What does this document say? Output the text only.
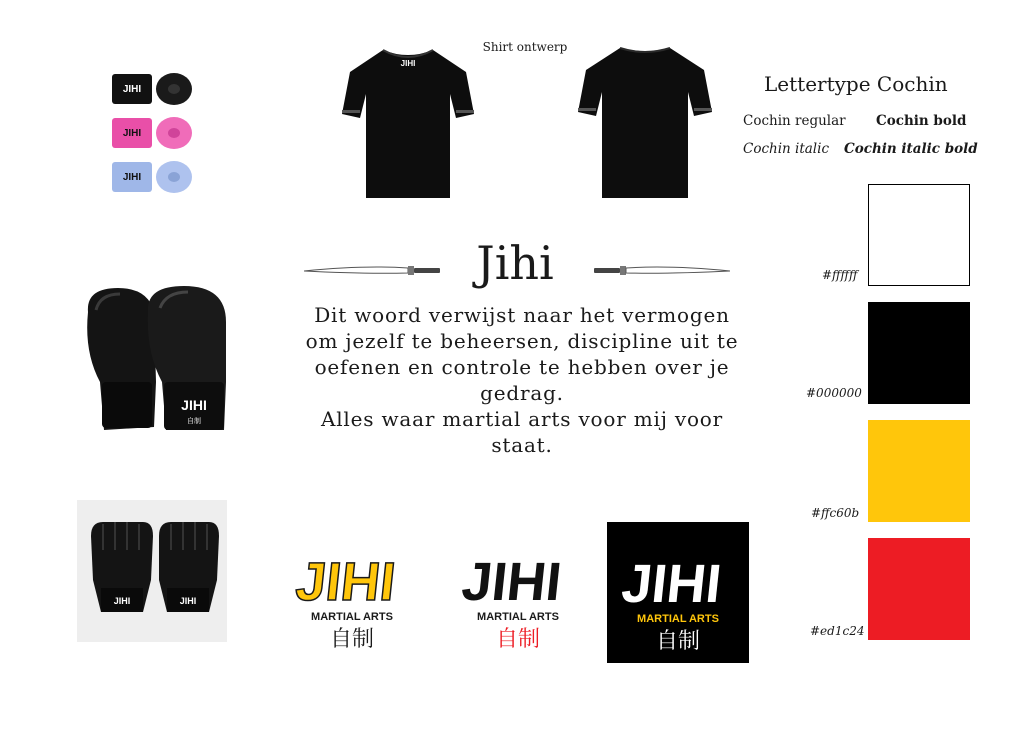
JIHI
JIHI
JIHI
Shirt ontwerp
JIHI
Lettertype Cochin
Cochin regular Cochin bold
Cochin italic Cochin italic bold
#ffffff
#000000
#ffc60b
#ed1c24
JIHI
自制
JIHI	JIHI
Jihi
Dit woord verwijst naar het vermogen
om jezelf te beheersen, discipline uit te
oefenen en controle te hebben over je
gedrag.
Alles waar martial arts voor mij voor
staat.
JIHI
MARTIAL ARTS
自制
JIHI
MARTIAL ARTS
自制
JIHI
MARTIAL ARTS
自制
